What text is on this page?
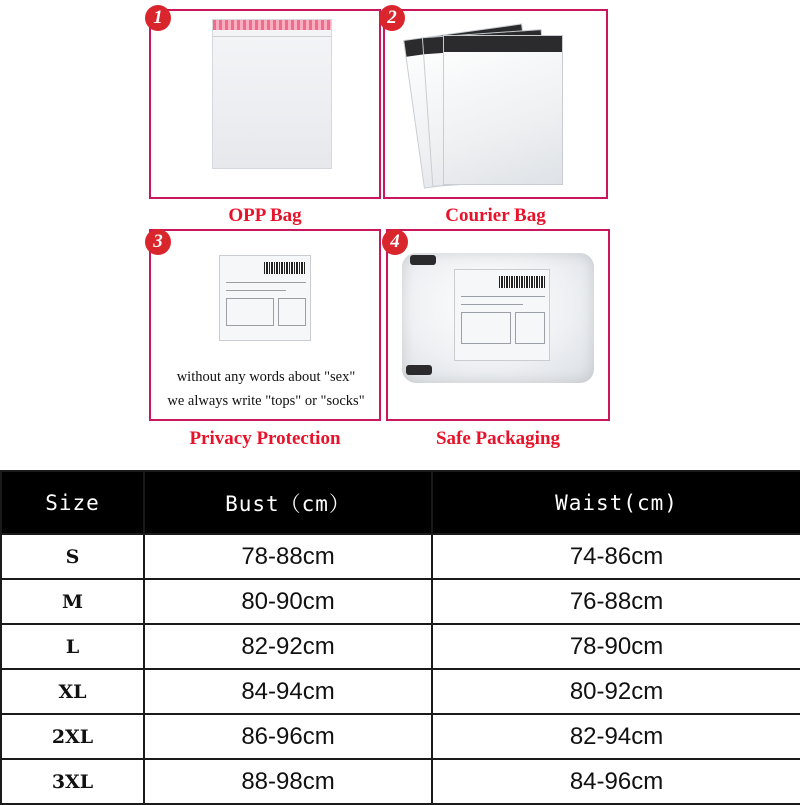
1
OPP Bag
2
Courier Bag
without any words about "sex"
we always write "tops" or "socks"
3
Privacy Protection
4
Safe Packaging
Size	Bust（cm）	Waist(cm)
S	78-88cm	74-86cm
M	80-90cm	76-88cm
L	82-92cm	78-90cm
XL	84-94cm	80-92cm
2XL	86-96cm	82-94cm
3XL	88-98cm	84-96cm
